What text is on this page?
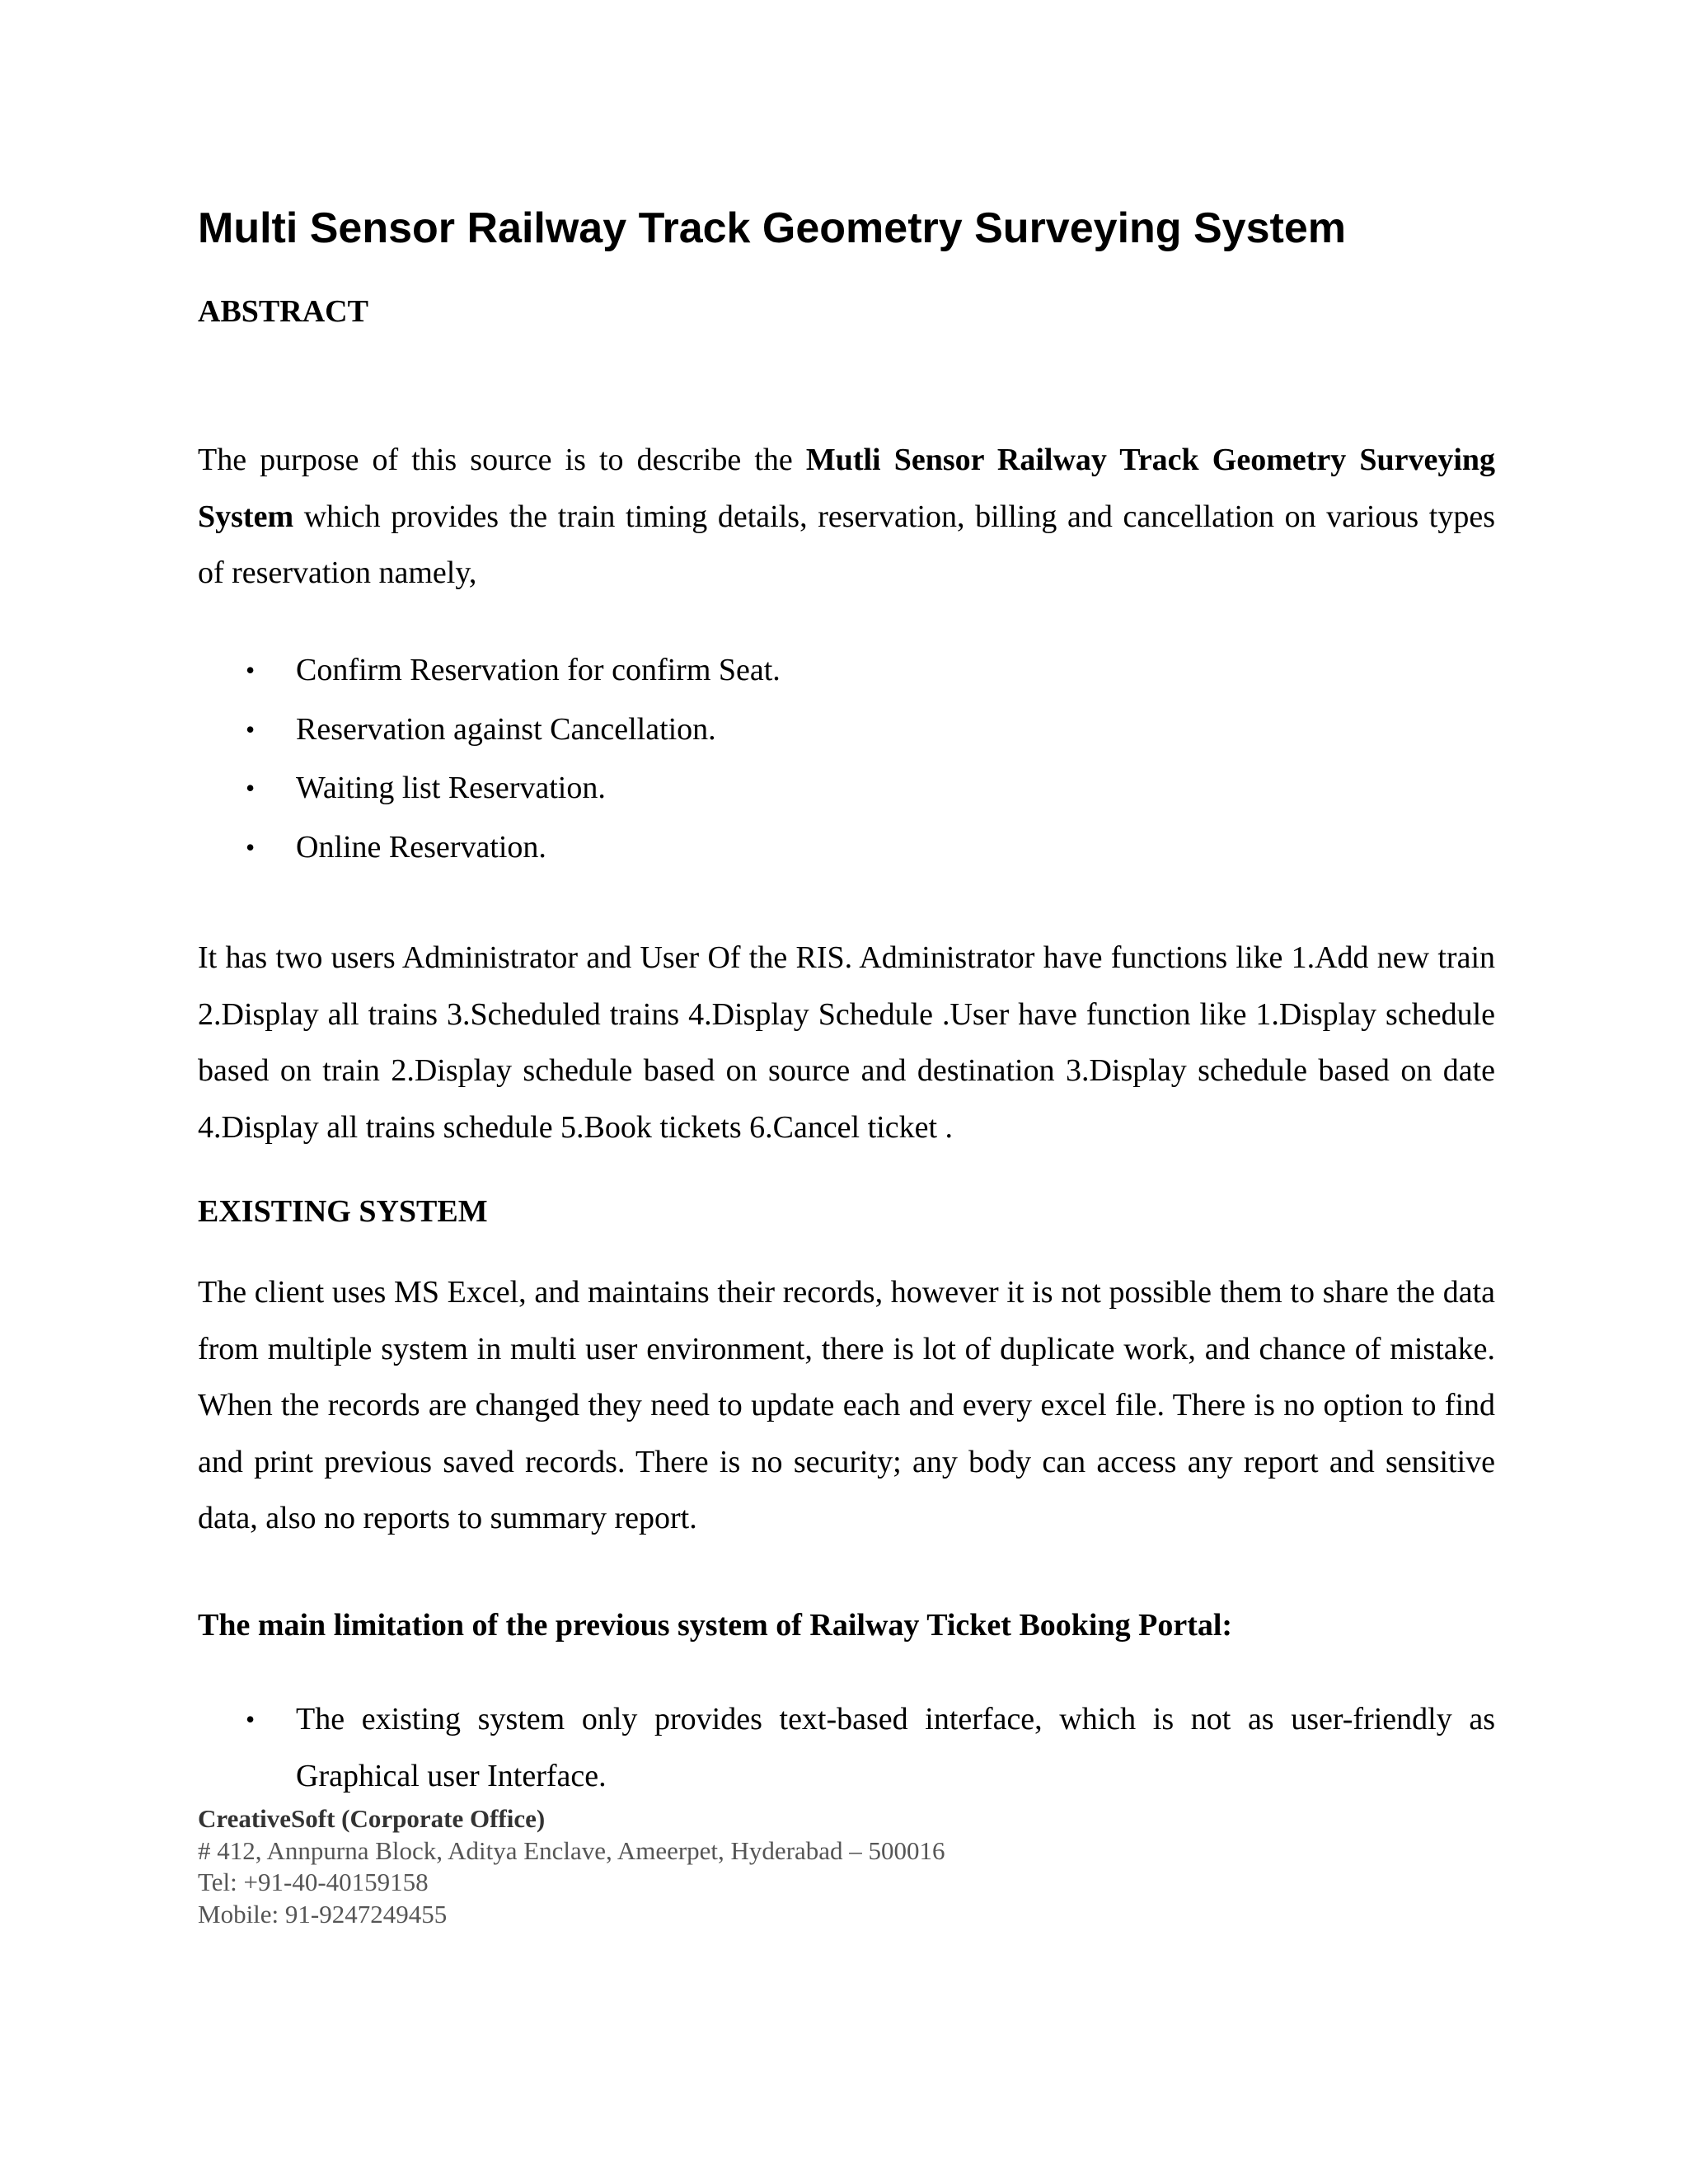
Multi Sensor Railway Track Geometry Surveying System
ABSTRACT

The purpose of this source is to describe the Mutli Sensor Railway Track Geometry Surveying System which provides the train timing details, reservation, billing and cancellation on various types of reservation namely,

• Confirm Reservation for confirm Seat.
• Reservation against Cancellation.
• Waiting list Reservation.
• Online Reservation.

It has two users Administrator and User Of the RIS. Administrator have functions like 1.Add new train 2.Display all trains 3.Scheduled trains 4.Display Schedule .User have function like 1.Display schedule based on train 2.Display schedule based on source and destination 3.Display schedule based on date 4.Display all trains schedule 5.Book tickets 6.Cancel ticket .

EXISTING SYSTEM

The client uses MS Excel, and maintains their records, however it is not possible them to share the data from multiple system in multi user environment, there is lot of duplicate work, and chance of mistake. When the records are changed they need to update each and every excel file. There is no option to find and print previous saved records. There is no security; any body can access any report and sensitive data, also no reports to summary report.

The main limitation of the previous system of Railway Ticket Booking Portal:
• The existing system only provides text-based interface, which is not as user-friendly as Graphical user Interface.
CreativeSoft (Corporate Office)
# 412, Annpurna Block, Aditya Enclave, Ameerpet, Hyderabad – 500016
Tel: +91-40-40159158
Mobile: 91-9247249455
